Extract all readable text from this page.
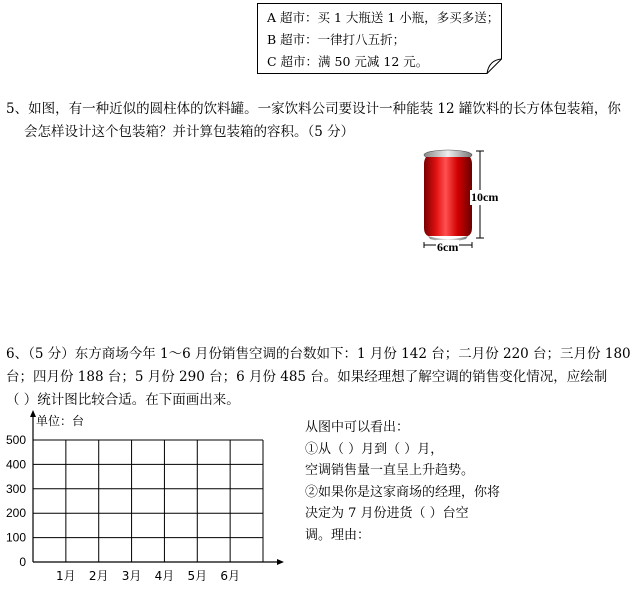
A 超市：买 1 大瓶送 1 小瓶，多买多送；
B 超市：一律打八五折；
C 超市：满 50 元减 12 元。
5、如图，有一种近似的圆柱体的饮料罐。一家饮料公司要设计一种能装 12 罐饮料的长方体包装箱，你
会怎样设计这个包装箱？并计算包装箱的容积。（5 分）
10cm
6cm
6、（5 分）东方商场今年 1～6 月份销售空调的台数如下：1 月份 142 台；二月份 220 台；三月份 180
台；四月份 188 台；5 月份 290 台；6 月份 485 台。如果经理想了解空调的销售变化情况，应绘制
（ ）统计图比较合适。在下面画出来。
单位：台
500
400
300
200
100
0
1月 2月 3月 4月 5月 6月
从图中可以看出：
①从（ ）月到（ ）月，
空调销售量一直呈上升趋势。
②如果你是这家商场的经理，你将
决定为 7 月份进货（ ）台空
调。理由：
